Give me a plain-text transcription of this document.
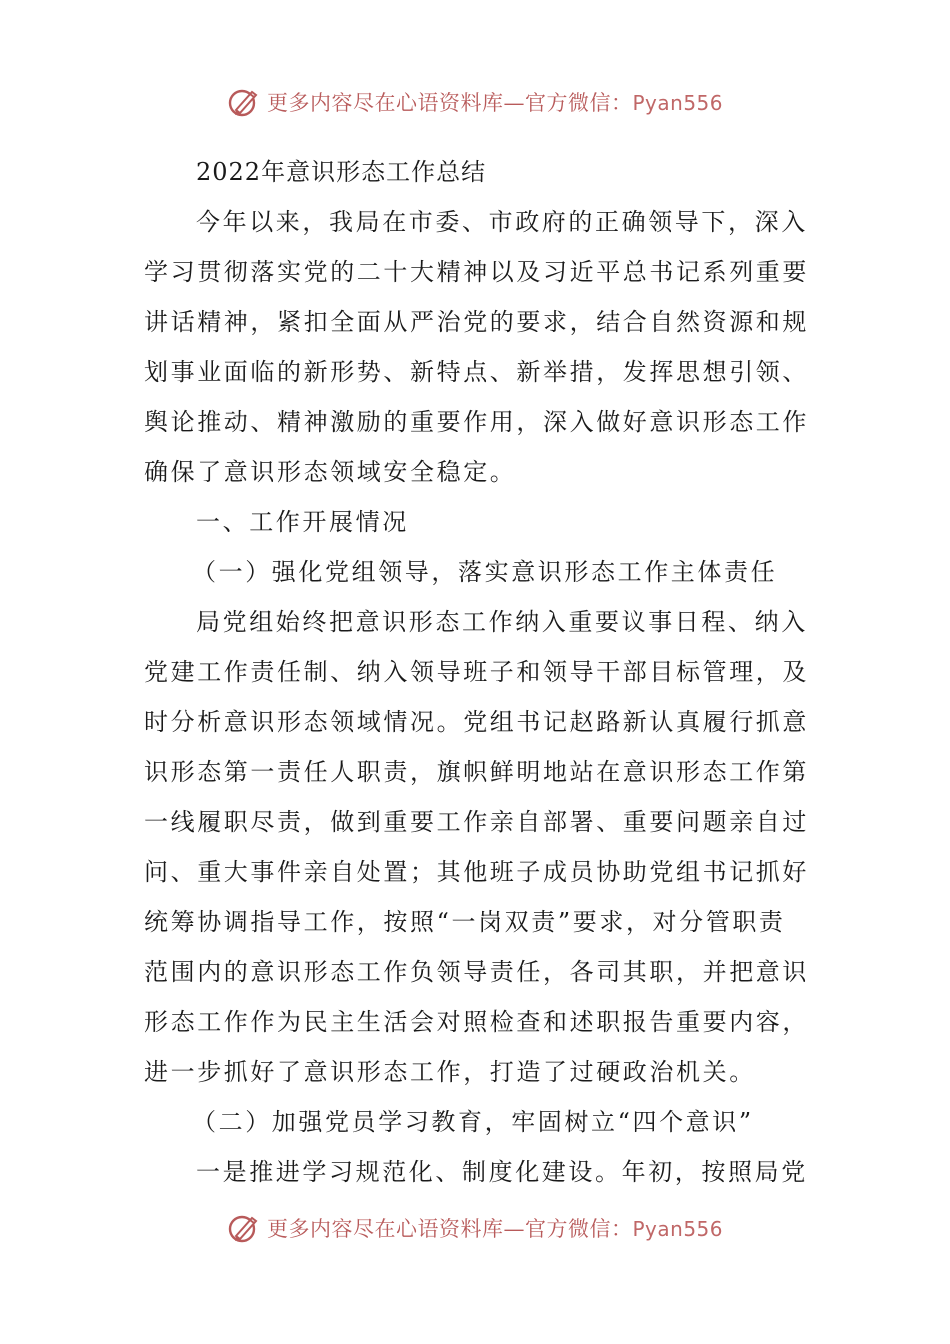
更多内容尽在心语资料库—官方微信：Pyan556
2022年意识形态工作总结
今年以来，我局在市委、市政府的正确领导下，深入
学习贯彻落实党的二十大精神以及习近平总书记系列重要
讲话精神，紧扣全面从严治党的要求，结合自然资源和规
划事业面临的新形势、新特点、新举措，发挥思想引领、
舆论推动、精神激励的重要作用，深入做好意识形态工作
确保了意识形态领域安全稳定。
一、工作开展情况
（一）强化党组领导，落实意识形态工作主体责任
局党组始终把意识形态工作纳入重要议事日程、纳入
党建工作责任制、纳入领导班子和领导干部目标管理，及
时分析意识形态领域情况。党组书记赵路新认真履行抓意
识形态第一责任人职责，旗帜鲜明地站在意识形态工作第
一线履职尽责，做到重要工作亲自部署、重要问题亲自过
问、重大事件亲自处置；其他班子成员协助党组书记抓好
统筹协调指导工作，按照“一岗双责”要求，对分管职责
范围内的意识形态工作负领导责任，各司其职，并把意识
形态工作作为民主生活会对照检查和述职报告重要内容，
进一步抓好了意识形态工作，打造了过硬政治机关。
（二）加强党员学习教育，牢固树立“四个意识”
一是推进学习规范化、制度化建设。年初，按照局党
更多内容尽在心语资料库—官方微信：Pyan556
